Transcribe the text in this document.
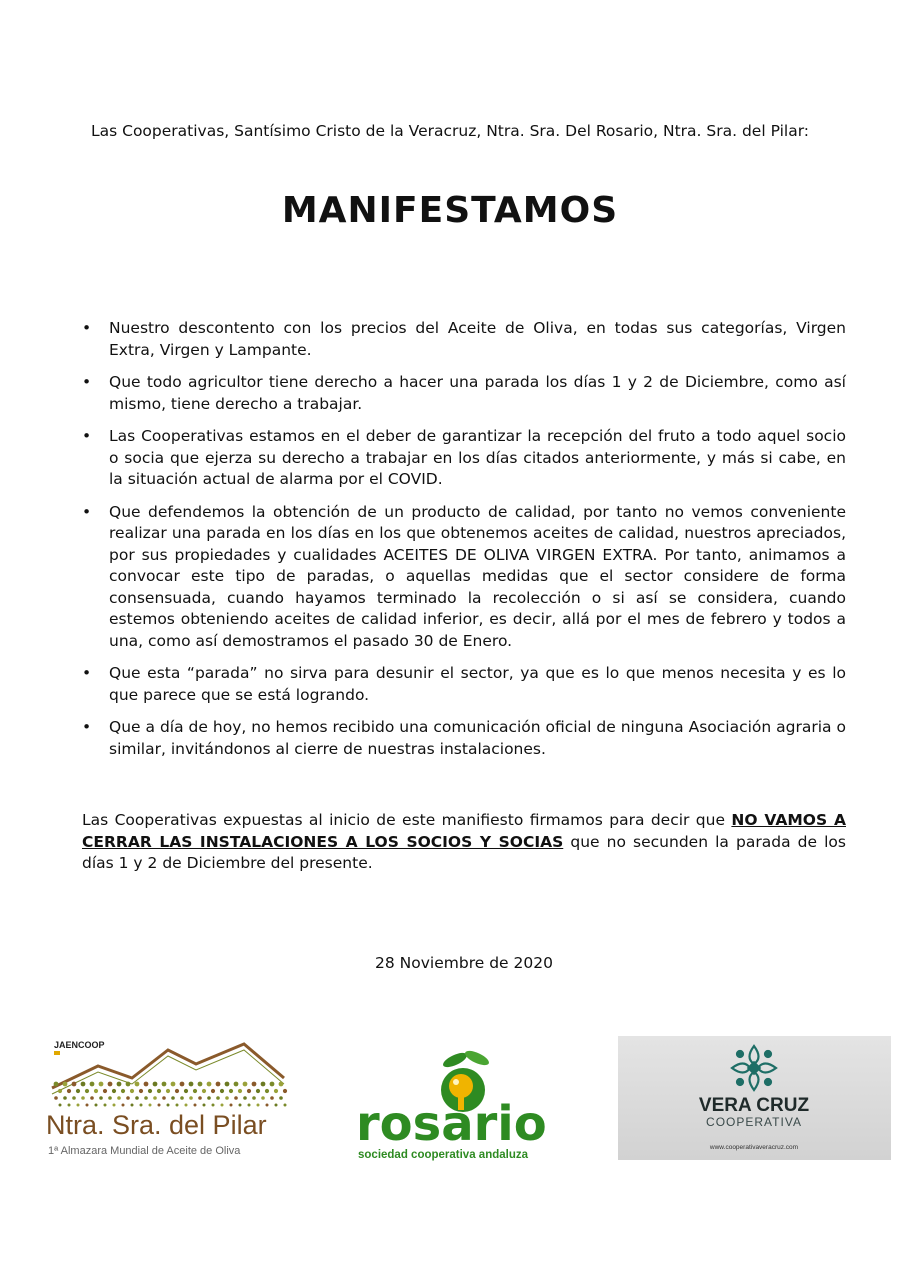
Las Cooperativas, Santísimo Cristo de la Veracruz, Ntra. Sra. Del Rosario, Ntra. Sra. del Pilar:
MANIFESTAMOS
• Nuestro descontento con los precios del Aceite de Oliva, en todas sus categorías, Virgen Extra, Virgen y Lampante.
• Que todo agricultor tiene derecho a hacer una parada los días 1 y 2 de Diciembre, como así mismo, tiene derecho a trabajar.
• Las Cooperativas estamos en el deber de garantizar la recepción del fruto a todo aquel socio o socia que ejerza su derecho a trabajar en los días citados anteriormente, y más si cabe, en la situación actual de alarma por el COVID.
• Que defendemos la obtención de un producto de calidad, por tanto no vemos conveniente realizar una parada en los días en los que obtenemos aceites de calidad, nuestros apreciados, por sus propiedades y cualidades ACEITES DE OLIVA VIRGEN EXTRA. Por tanto, animamos a convocar este tipo de paradas, o aquellas medidas que el sector considere de forma consensuada, cuando hayamos terminado la recolección o si así se considera, cuando estemos obteniendo aceites de calidad inferior, es decir, allá por el mes de febrero y todos a una, como así demostramos el pasado 30 de Enero.
• Que esta “parada” no sirva para desunir el sector, ya que es lo que menos necesita y es lo que parece que se está logrando.
• Que a día de hoy, no hemos recibido una comunicación oficial de ninguna Asociación agraria o similar, invitándonos al cierre de nuestras instalaciones.
Las Cooperativas expuestas al inicio de este manifiesto firmamos para decir que NO VAMOS A CERRAR LAS INSTALACIONES A LOS SOCIOS Y SOCIAS que no secunden la parada de los días 1 y 2 de Diciembre del presente.
28 Noviembre de 2020
JAENCOOP
Ntra. Sra. del Pilar
1ª Almazara Mundial de Aceite de Oliva rosario
sociedad cooperativa andaluza
VERA CRUZ
COOPERATIVA
www.cooperativaveracruz.com
